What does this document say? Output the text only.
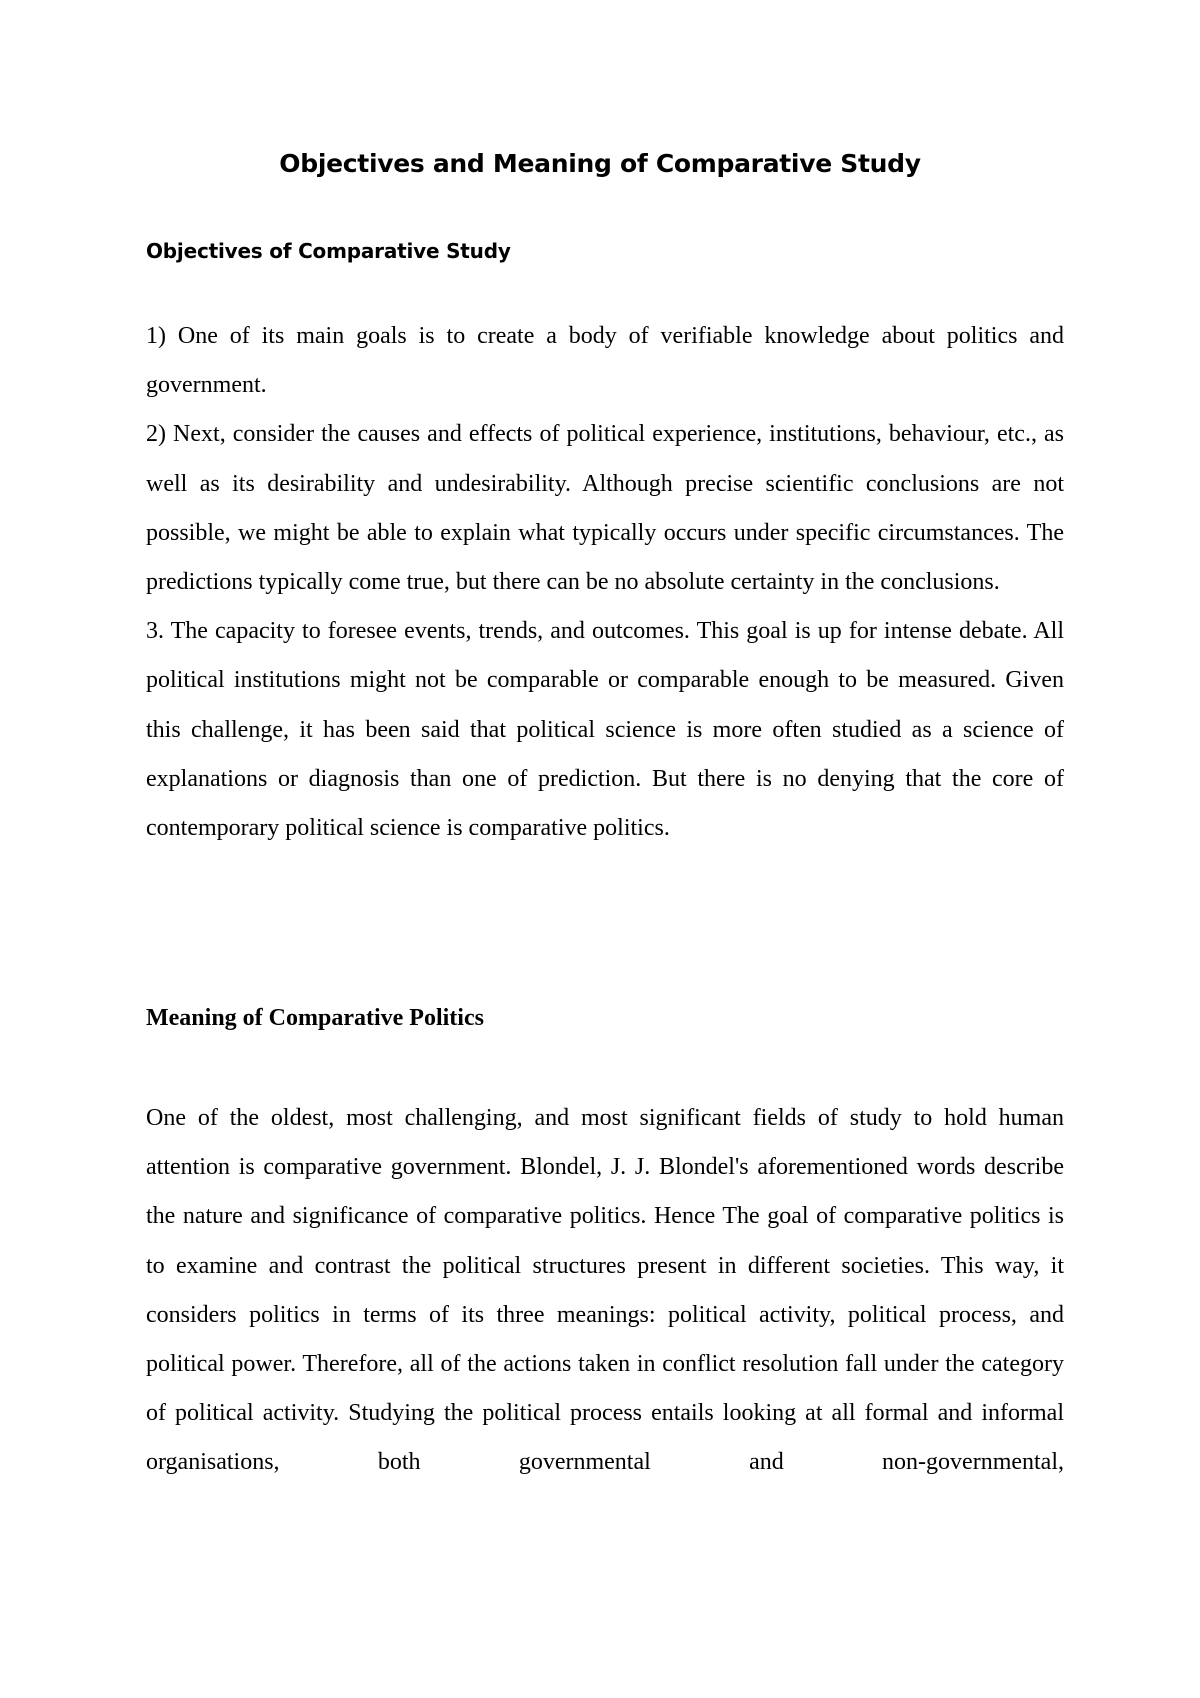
Objectives and Meaning of Comparative Study
Objectives of Comparative Study

1) One of its main goals is to create a body of verifiable knowledge about politics and government.

2) Next, consider the causes and effects of political experience, institutions, behaviour, etc., as well as its desirability and undesirability. Although precise scientific conclusions are not possible, we might be able to explain what typically occurs under specific circumstances. The predictions typically come true, but there can be no absolute certainty in the conclusions.

3. The capacity to foresee events, trends, and outcomes. This goal is up for intense debate. All political institutions might not be comparable or comparable enough to be measured. Given this challenge, it has been said that political science is more often studied as a science of explanations or diagnosis than one of prediction. But there is no denying that the core of contemporary political science is comparative politics.

Meaning of Comparative Politics

One of the oldest, most challenging, and most significant fields of study to hold human attention is comparative government. Blondel, J. J. Blondel's aforementioned words describe the nature and significance of comparative politics. Hence The goal of comparative politics is to examine and contrast the political structures present in different societies. This way, it considers politics in terms of its three meanings: political activity, political process, and political power. Therefore, all of the actions taken in conflict resolution fall under the category of political activity. Studying the political process entails looking at all formal and informal organisations, both governmental and non-governmental,
